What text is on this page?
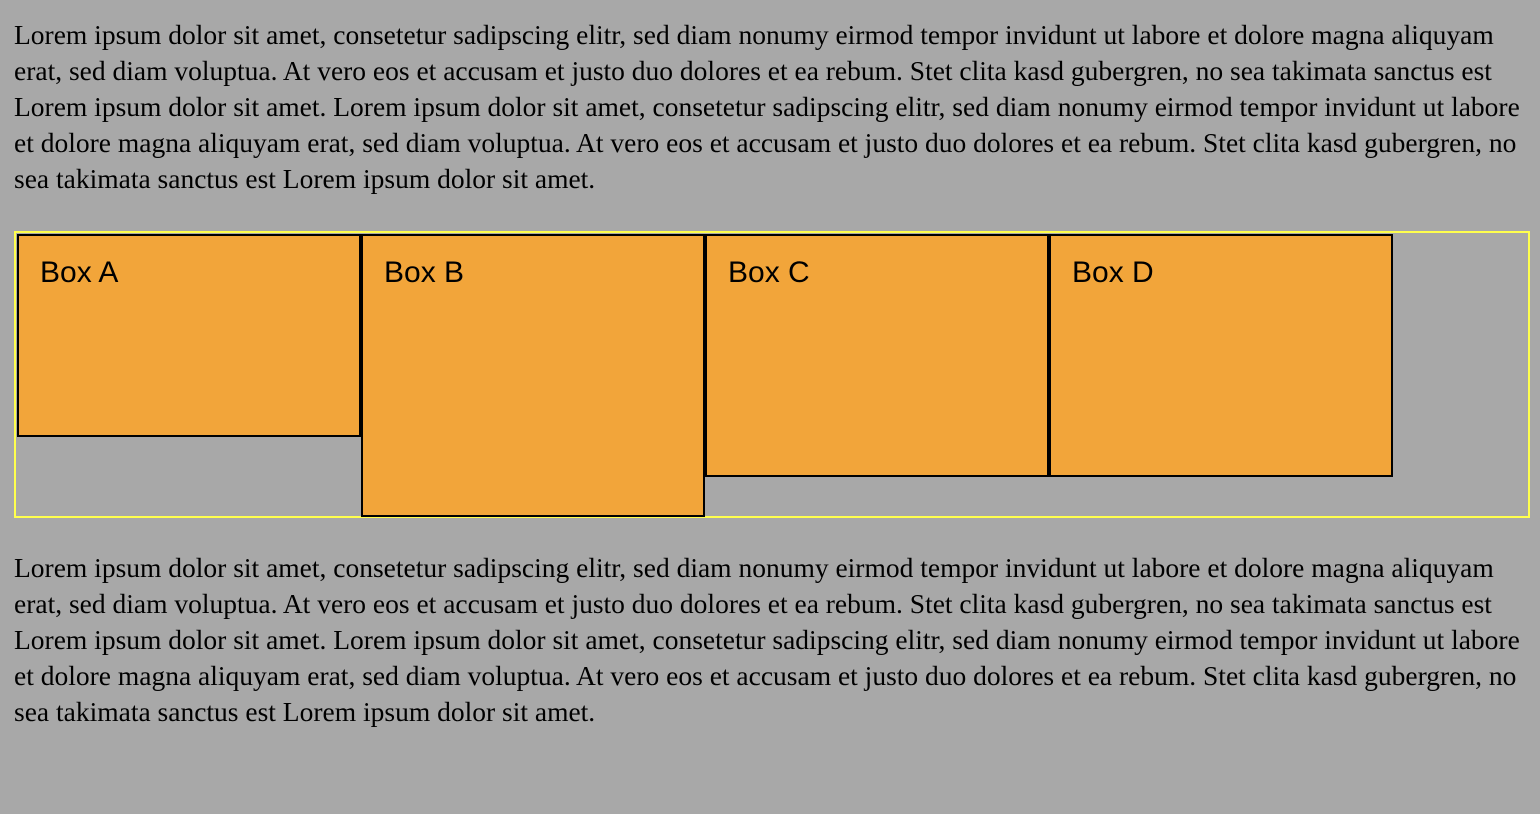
Lorem ipsum dolor sit amet, consetetur sadipscing elitr, sed diam nonumy eirmod tempor invidunt ut labore et dolore magna aliquyam erat, sed diam voluptua. At vero eos et accusam et justo duo dolores et ea rebum. Stet clita kasd gubergren, no sea takimata sanctus est Lorem ipsum dolor sit amet. Lorem ipsum dolor sit amet, consetetur sadipscing elitr, sed diam nonumy eirmod tempor invidunt ut labore et dolore magna aliquyam erat, sed diam voluptua. At vero eos et accusam et justo duo dolores et ea rebum. Stet clita kasd gubergren, no sea takimata sanctus est Lorem ipsum dolor sit amet.

Box A	Box B	Box C	Box D

Lorem ipsum dolor sit amet, consetetur sadipscing elitr, sed diam nonumy eirmod tempor invidunt ut labore et dolore magna aliquyam erat, sed diam voluptua. At vero eos et accusam et justo duo dolores et ea rebum. Stet clita kasd gubergren, no sea takimata sanctus est Lorem ipsum dolor sit amet. Lorem ipsum dolor sit amet, consetetur sadipscing elitr, sed diam nonumy eirmod tempor invidunt ut labore et dolore magna aliquyam erat, sed diam voluptua. At vero eos et accusam et justo duo dolores et ea rebum. Stet clita kasd gubergren, no sea takimata sanctus est Lorem ipsum dolor sit amet.
